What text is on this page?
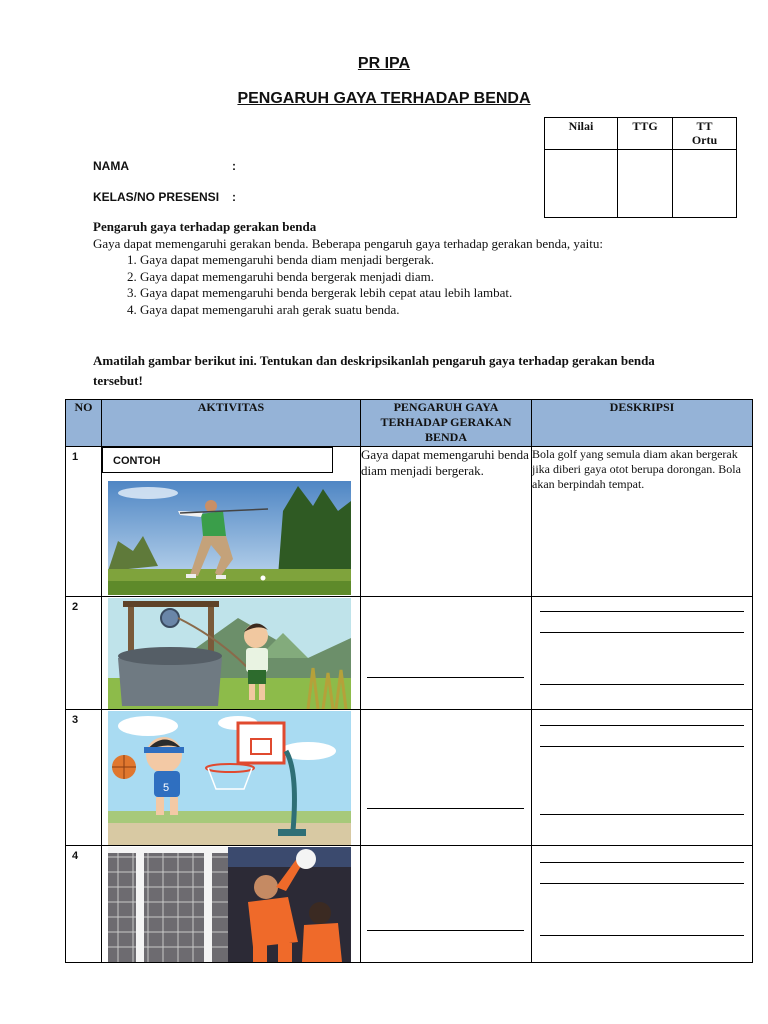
PR IPA
PENGARUH GAYA TERHADAP BENDA
Nilai	TTG	TT Ortu

NAMA	:
KELAS/NO PRESENSI :
Pengaruh gaya terhadap gerakan benda
Gaya dapat memengaruhi gerakan benda. Beberapa pengaruh gaya terhadap gerakan benda, yaitu:
1. Gaya dapat memengaruhi benda diam menjadi bergerak.
2. Gaya dapat memengaruhi benda bergerak menjadi diam.
3. Gaya dapat memengaruhi benda bergerak lebih cepat atau lebih lambat.
4. Gaya dapat memengaruhi arah gerak suatu benda.
Amatilah gambar berikut ini. Tentukan dan deskripsikanlah pengaruh gaya terhadap gerakan benda tersebut!
NO	AKTIVITAS	PENGARUH GAYA TERHADAP GERAKAN BENDA	DESKRIPSI
1	CONTOH	Gaya dapat memengaruhi benda diam menjadi bergerak.	Bola golf yang semula diam akan bergerak jika diberi gaya otot berupa dorongan. Bola akan berpindah tempat.
2	

3	5		

4	
